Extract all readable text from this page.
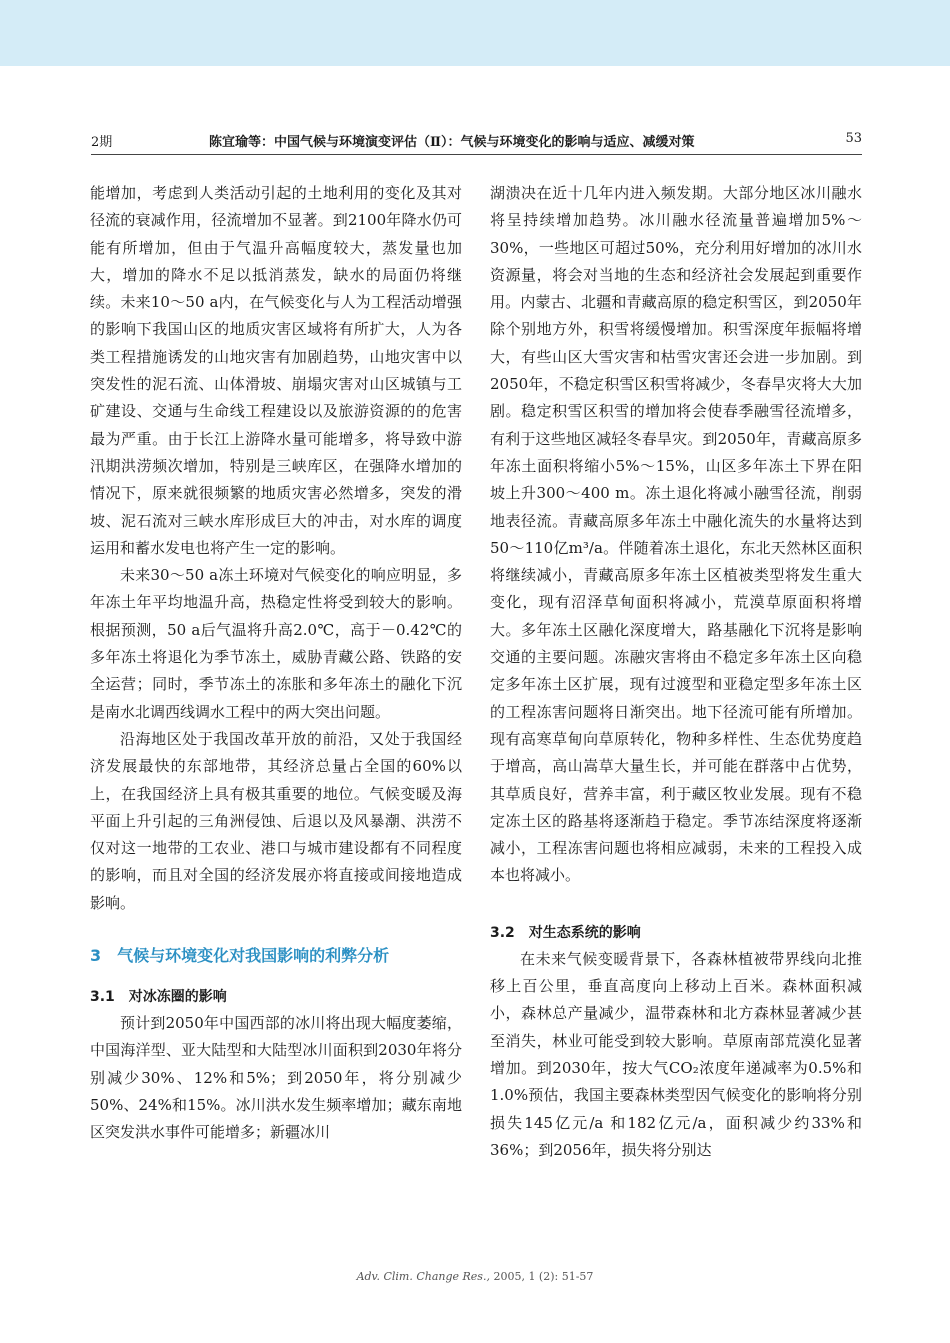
2期	陈宜瑜等：中国气候与环境演变评估（Ⅱ）：气候与环境变化的影响与适应、减缓对策	53

能增加，考虑到人类活动引起的土地利用的变化及其对径流的衰减作用，径流增加不显著。到2100年降水仍可能有所增加，但由于气温升高幅度较大，蒸发量也加大，增加的降水不足以抵消蒸发，缺水的局面仍将继续。未来10～50 a内，在气候变化与人为工程活动增强的影响下我国山区的地质灾害区域将有所扩大，人为各类工程措施诱发的山地灾害有加剧趋势，山地灾害中以突发性的泥石流、山体滑坡、崩塌灾害对山区城镇与工矿建设、交通与生命线工程建设以及旅游资源的的危害最为严重。由于长江上游降水量可能增多，将导致中游汛期洪涝频次增加，特别是三峡库区，在强降水增加的情况下，原来就很频繁的地质灾害必然增多，突发的滑坡、泥石流对三峡水库形成巨大的冲击，对水库的调度运用和蓄水发电也将产生一定的影响。

未来30～50 a冻土环境对气候变化的响应明显，多年冻土年平均地温升高，热稳定性将受到较大的影响。根据预测，50 a后气温将升高2.0℃，高于－0.42℃的多年冻土将退化为季节冻土，威胁青藏公路、铁路的安全运营；同时，季节冻土的冻胀和多年冻土的融化下沉是南水北调西线调水工程中的两大突出问题。

沿海地区处于我国改革开放的前沿，又处于我国经济发展最快的东部地带，其经济总量占全国的60%以上，在我国经济上具有极其重要的地位。气候变暖及海平面上升引起的三角洲侵蚀、后退以及风暴潮、洪涝不仅对这一地带的工农业、港口与城市建设都有不同程度的影响，而且对全国的经济发展亦将直接或间接地造成影响。

3　气候与环境变化对我国影响的利弊分析
3.1　对冰冻圈的影响

预计到2050年中国西部的冰川将出现大幅度萎缩，中国海洋型、亚大陆型和大陆型冰川面积到2030年将分别减少30%、12%和5%；到2050年，将分别减少50%、24%和15%。冰川洪水发生频率增加；藏东南地区突发洪水事件可能增多；新疆冰川

湖溃决在近十几年内进入频发期。大部分地区冰川融水将呈持续增加趋势。冰川融水径流量普遍增加5%～30%，一些地区可超过50%，充分利用好增加的冰川水资源量，将会对当地的生态和经济社会发展起到重要作用。内蒙古、北疆和青藏高原的稳定积雪区，到2050年除个别地方外，积雪将缓慢增加。积雪深度年振幅将增大，有些山区大雪灾害和枯雪灾害还会进一步加剧。到2050年，不稳定积雪区积雪将减少，冬春旱灾将大大加剧。稳定积雪区积雪的增加将会使春季融雪径流增多，有利于这些地区减轻冬春旱灾。到2050年，青藏高原多年冻土面积将缩小5%～15%，山区多年冻土下界在阳坡上升300～400 m。冻土退化将减小融雪径流，削弱地表径流。青藏高原多年冻土中融化流失的水量将达到50～110亿m³/a。伴随着冻土退化，东北天然林区面积将继续减小，青藏高原多年冻土区植被类型将发生重大变化，现有沼泽草甸面积将减小，荒漠草原面积将增大。多年冻土区融化深度增大，路基融化下沉将是影响交通的主要问题。冻融灾害将由不稳定多年冻土区向稳定多年冻土区扩展，现有过渡型和亚稳定型多年冻土区的工程冻害问题将日渐突出。地下径流可能有所增加。现有高寒草甸向草原转化，物种多样性、生态优势度趋于增高，高山嵩草大量生长，并可能在群落中占优势，其草质良好，营养丰富，利于藏区牧业发展。现有不稳定冻土区的路基将逐渐趋于稳定。季节冻结深度将逐渐减小，工程冻害问题也将相应减弱，未来的工程投入成本也将减小。

3.2　对生态系统的影响

在未来气候变暖背景下，各森林植被带界线向北推移上百公里，垂直高度向上移动上百米。森林面积减小，森林总产量减少，温带森林和北方森林显著减少甚至消失，林业可能受到较大影响。草原南部荒漠化显著增加。到2030年，按大气CO₂浓度年递减率为0.5%和1.0%预估，我国主要森林类型因气候变化的影响将分别损失145亿元/a 和182亿元/a，面积减少约33%和36%；到2056年，损失将分别达

Adv. Clim. Change Res., 2005, 1 (2): 51-57
